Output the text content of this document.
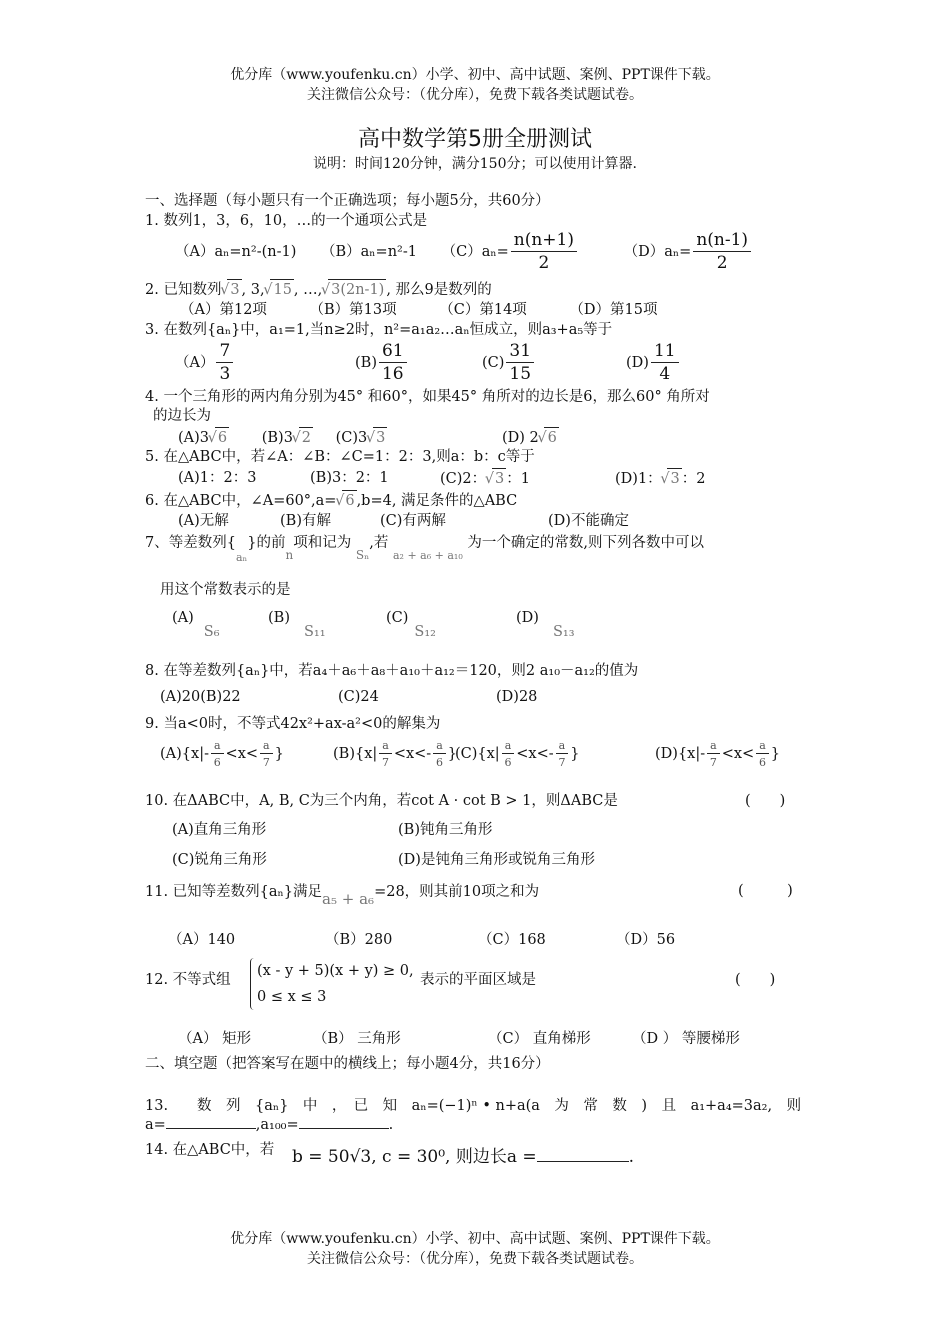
优分库（www.youfenku.cn）小学、初中、高中试题、案例、PPT课件下载。
关注微信公众号：（优分库），免费下载各类试题试卷。
高中数学第5册全册测试
说明：时间120分钟，满分150分；可以使用计算器.
一、选择题（每小题只有一个正确选项；每小题5分，共60分）
1. 数列1，3，6，10，…的一个通项公式是
（A）aₙ=n²-(n-1) （B）aₙ=n²-1 $(C)a_n= \frac{n(n+1)}{2}$	$(D)a_n= \frac{n(n-1)}{2}$
2. 已知数列 √ 3 , 3, √ 15 , …, √ 3(2n-1) , 那么9是数列的
（A）第12项	（B）第13项	（C）第14项	（D）第15项
3. 在数列{aₙ}中，a₁=1,当n≥2时，n²=a₁a₂…aₙ恒成立，则a₃+a₅等于
$(A) \frac{7}{3}$	$(B) \frac{61}{16}$	$(C) \frac{31}{15}$	$(D) \frac{11}{4}$
4. 一个三角形的两内角分别为45° 和60°，如果45° 角所对的边长是6，那么60° 角所对
的边长为
(A)3 √ 6 (B)3 √ 2 (C)3 √ 3	(D) 2 √ 6
5. 在△ABC中，若∠A：∠B：∠C=1：2：3,则a：b：c等于
(A)1：2：3	(B)3：2：1	(C)2： √ 3 ：1	(D)1： √ 3 ：2
6. 在△ABC中，∠A=60°,a= √ 6 ,b=4, 满足条件的△ABC
(A)无解	(B)有解	(C)有两解	(D)不能确定
7、等差数列$\{_{a_n}\}$的前$_n$项和记为 $_{S_n}$,若 $_{a_2 + a_6 + a_{10}}$ 为一个确定的常数,则下列各数中可以
用这个常数表示的是
(A)S₆
(B)S₁₁
(C)S₁₂
(D)S₁₃
8. 在等差数列{aₙ}中，若a₄＋a₆＋a₈＋a₁₀＋a₁₂＝120，则2 a₁₀－a₁₂的值为
(A)20(B)22	(C)24	(D)28
9. 当a<0时，不等式42x²+ax-a²<0的解集为
$(A)\{x|- \frac{a}{6} <x< \frac{a}{7}$ }	$(B)\{x| \frac{a}{7} <x<- \frac{a}{6}$ }
$(C)\{x| \frac{a}{6} <x<- \frac{a}{7}$ }	$(D)\{x|- \frac{a}{7} <x< \frac{a}{6}$ }
10. 在ΔABC中，A, B, C为三个内角，若cot A · cot B > 1，则ΔABC是	(　　)
(A)直角三角形	(B)钝角三角形
(C)锐角三角形	(D)是钝角三角形或锐角三角形
11. 已知等差数列{aₙ}满足a₅ + a₆=28，则其前10项之和为	(　　　)
（A）140	（B）280	（C）168	（D）56
12. 不等式组
(x - y + 5)(x + y) ≥ 0,
0 ≤ x ≤ 3
表示的平面区域是	(　　)
（A） 矩形	（B） 三角形	（C） 直角梯形	（D ） 等腰梯形
二、填空题（把答案写在题中的横线上；每小题4分，共16分）
13.　　数　列　{aₙ}　中　，　已　知　aₙ=(−1)ⁿ • n+a(a　为　常　数　)　且　a₁+a₄=3a₂,　则
a=	,a₁₀₀=	.
14. 在△ABC中，若 b = 50√3, c = 30⁰, 则边长a =	.
优分库（www.youfenku.cn）小学、初中、高中试题、案例、PPT课件下载。
关注微信公众号：（优分库），免费下载各类试题试卷。
